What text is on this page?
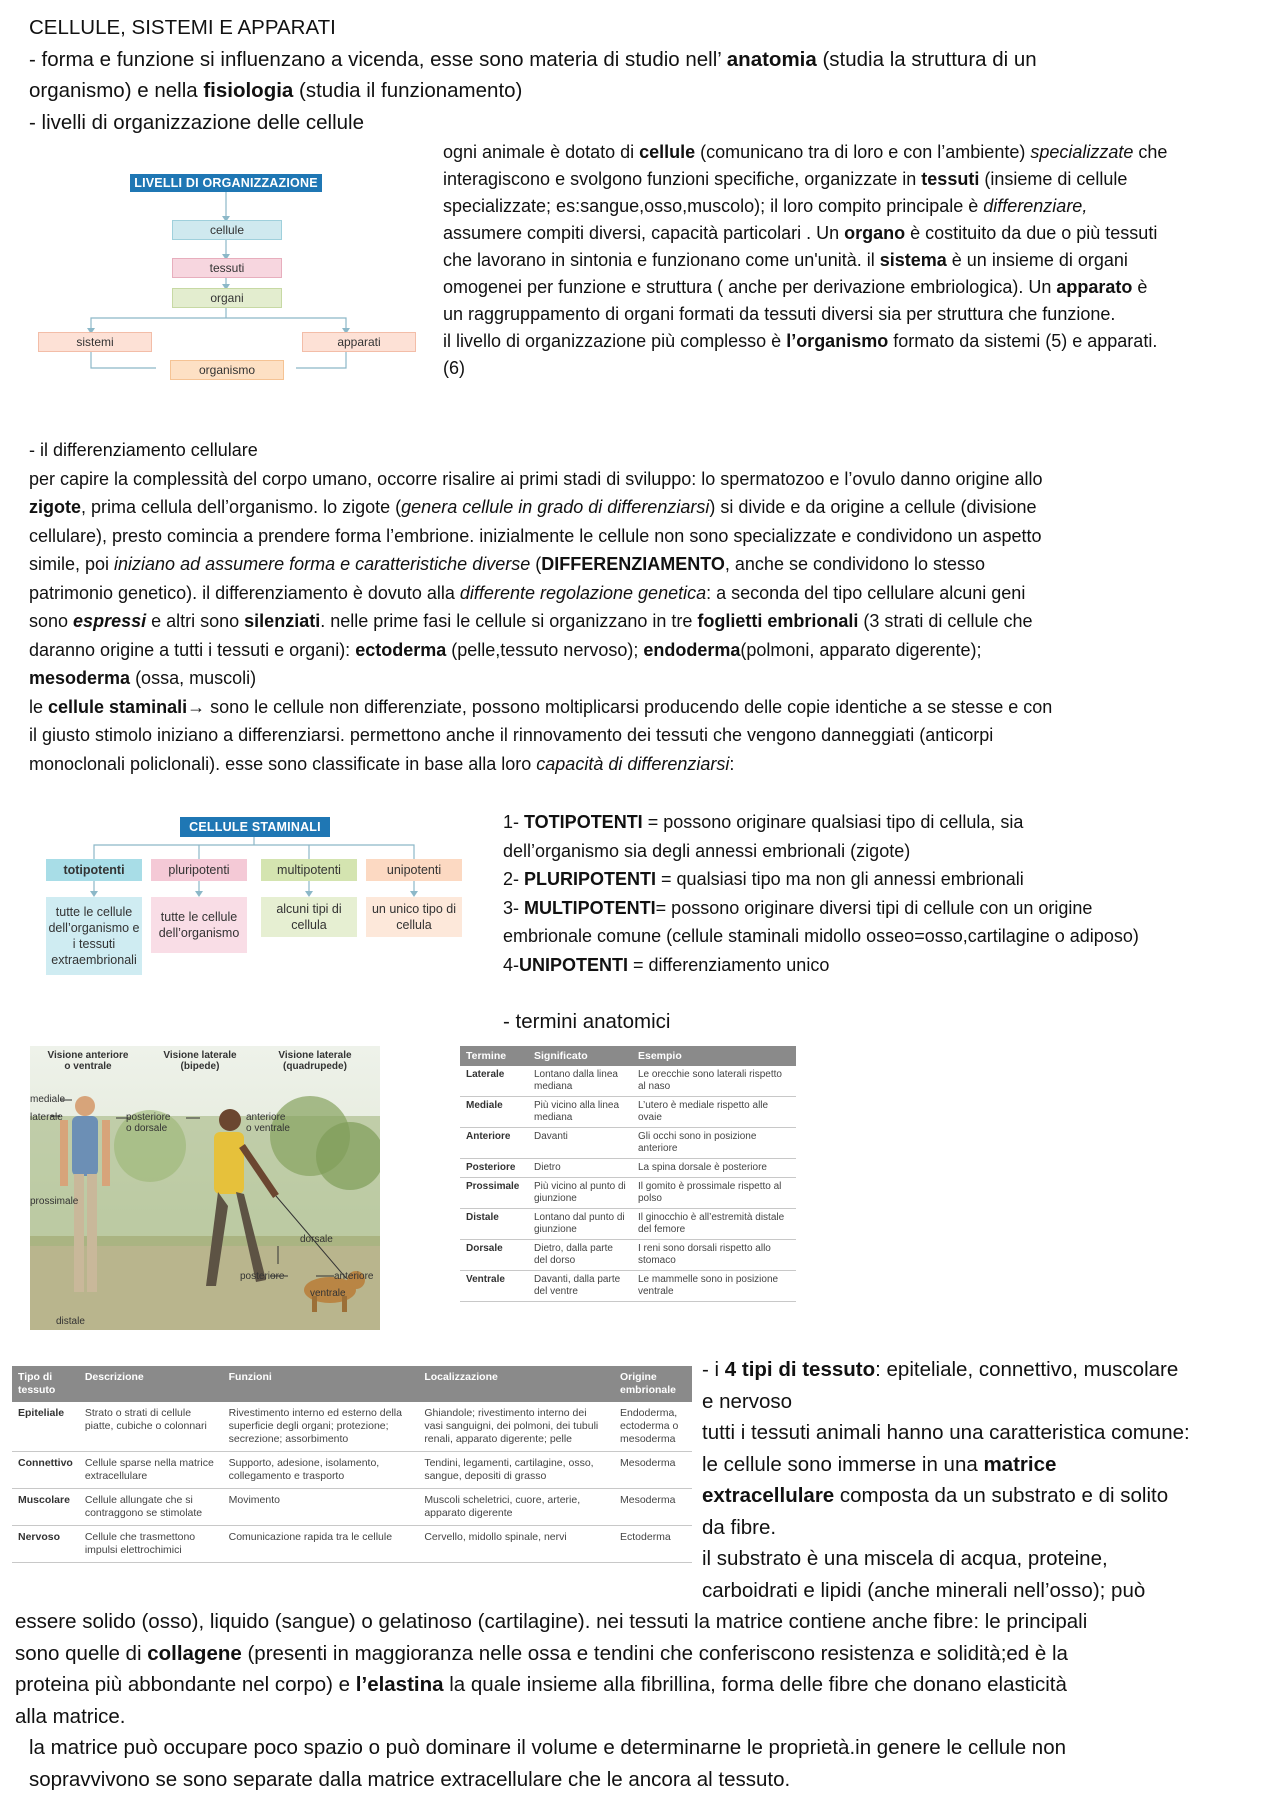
CELLULE, SISTEMI E APPARATI
- forma e funzione si influenzano a vicenda, esse sono materia di studio nell’ anatomia (studia la struttura di un
organismo) e nella fisiologia (studia il funzionamento)
- livelli di organizzazione delle cellule
LIVELLI DI ORGANIZZAZIONE
cellule
tessuti
organi
sistemi	apparati
organismo
ogni animale è dotato di cellule (comunicano tra di loro e con l’ambiente) specializzate che
interagiscono e svolgono funzioni specifiche, organizzate in tessuti (insieme di cellule
specializzate; es:sangue,osso,muscolo); il loro compito principale è differenziare,
assumere compiti diversi, capacità particolari . Un organo è costituito da due o più tessuti
che lavorano in sintonia e funzionano come un'unità. il sistema è un insieme di organi
omogenei per funzione e struttura ( anche per derivazione embriologica). Un apparato è
un raggruppamento di organi formati da tessuti diversi sia per struttura che funzione.
il livello di organizzazione più complesso è l’organismo formato da sistemi (5) e apparati.
(6)
- il differenziamento cellulare
per capire la complessità del corpo umano, occorre risalire ai primi stadi di sviluppo: lo spermatozoo e l’ovulo danno origine allo
zigote, prima cellula dell’organismo. lo zigote (genera cellule in grado di differenziarsi) si divide e da origine a cellule (divisione
cellulare), presto comincia a prendere forma l’embrione. inizialmente le cellule non sono specializzate e condividono un aspetto
simile, poi iniziano ad assumere forma e caratteristiche diverse (DIFFERENZIAMENTO, anche se condividono lo stesso
patrimonio genetico). il differenziamento è dovuto alla differente regolazione genetica: a seconda del tipo cellulare alcuni geni
sono espressi e altri sono silenziati. nelle prime fasi le cellule si organizzano in tre foglietti embrionali (3 strati di cellule che
daranno origine a tutti i tessuti e organi): ectoderma (pelle,tessuto nervoso); endoderma(polmoni, apparato digerente);
mesoderma (ossa, muscoli)
le cellule staminali→ sono le cellule non differenziate, possono moltiplicarsi producendo delle copie identiche a se stesse e con
il giusto stimolo iniziano a differenziarsi. permettono anche il rinnovamento dei tessuti che vengono danneggiati (anticorpi
monoclonali policlonali). esse sono classificate in base alla loro capacità di differenziarsi:
CELLULE STAMINALI
totipotenti	pluripotenti	multipotenti	unipotenti
tutte le cellule dell’organismo e i tessuti extraembrionali
tutte le cellule dell’organismo
alcuni tipi di cellula
un unico tipo di cellula
1- TOTIPOTENTI = possono originare qualsiasi tipo di cellula, sia
dell’organismo sia degli annessi embrionali (zigote)
2- PLURIPOTENTI = qualsiasi tipo ma non gli annessi embrionali
3- MULTIPOTENTI= possono originare diversi tipi di cellule con un origine
embrionale comune (cellule staminali midollo osseo=osso,cartilagine o adiposo)
4-UNIPOTENTI = differenziamento unico
- termini anatomici
Visione anteriore
o ventrale
Visione laterale
(bipede)
Visione laterale
(quadrupede)
mediale
laterale	posteriore
o dorsale
anteriore
o ventrale
prossimale
distale
dorsale
posteriore	anteriore
ventrale
Termine	Significato	Esempio
Laterale	Lontano dalla linea mediana	Le orecchie sono laterali rispetto al naso
Mediale	Più vicino alla linea mediana	L’utero è mediale rispetto alle ovaie
Anteriore	Davanti	Gli occhi sono in posizione anteriore
Posteriore	Dietro	La spina dorsale è posteriore
Prossimale	Più vicino al punto di giunzione	Il gomito è prossimale rispetto al polso
Distale	Lontano dal punto di giunzione	Il ginocchio è all’estremità distale del femore
Dorsale	Dietro, dalla parte del dorso	I reni sono dorsali rispetto allo stomaco
Ventrale	Davanti, dalla parte del ventre	Le mammelle sono in posizione ventrale
Tipo di tessuto	Descrizione	Funzioni	Localizzazione	Origine embrionale
Epiteliale	Strato o strati di cellule piatte, cubiche o colonnari	Rivestimento interno ed esterno della superficie degli organi; protezione; secrezione; assorbimento	Ghiandole; rivestimento interno dei vasi sanguigni, dei polmoni, dei tubuli renali, apparato digerente; pelle	Endoderma, ectoderma o mesoderma
Connettivo	Cellule sparse nella matrice extracellulare	Supporto, adesione, isolamento, collegamento e trasporto	Tendini, legamenti, cartilagine, osso, sangue, depositi di grasso	Mesoderma
Muscolare	Cellule allungate che si contraggono se stimolate	Movimento	Muscoli scheletrici, cuore, arterie, apparato digerente	Mesoderma
Nervoso	Cellule che trasmettono impulsi elettrochimici	Comunicazione rapida tra le cellule	Cervello, midollo spinale, nervi	Ectoderma
- i 4 tipi di tessuto: epiteliale, connettivo, muscolare
e nervoso
tutti i tessuti animali hanno una caratteristica comune:
le cellule sono immerse in una matrice
extracellulare composta da un substrato e di solito
da fibre.
il substrato è una miscela di acqua, proteine,
carboidrati e lipidi (anche minerali nell’osso); può
essere solido (osso), liquido (sangue) o gelatinoso (cartilagine). nei tessuti la matrice contiene anche fibre: le principali
sono quelle di collagene (presenti in maggioranza nelle ossa e tendini che conferiscono resistenza e solidità;ed è la
proteina più abbondante nel corpo) e l’elastina la quale insieme alla fibrillina, forma delle fibre che donano elasticità
alla matrice.
la matrice può occupare poco spazio o può dominare il volume e determinarne le proprietà.in genere le cellule non
sopravvivono se sono separate dalla matrice extracellulare che le ancora al tessuto.
